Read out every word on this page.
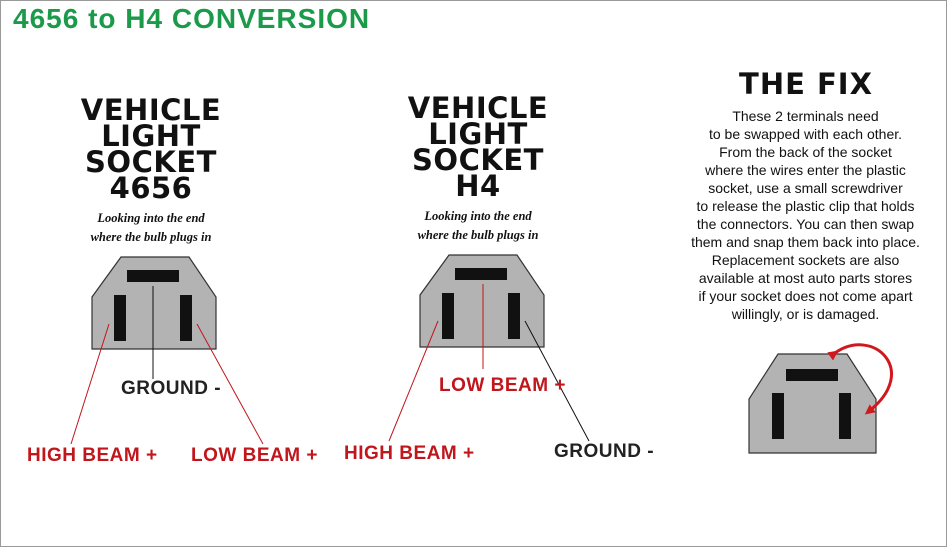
4656 to H4 CONVERSION
VEHICLE
LIGHT
SOCKET
4656
Looking into the end
where the bulb plugs in
VEHICLE
LIGHT
SOCKET
H4
Looking into the end
where the bulb plugs in
THE FIX
These 2 terminals need
to be swapped with each other.
From the back of the socket
where the wires enter the plastic
socket, use a small screwdriver
to release the plastic clip that holds
the connectors. You can then swap
them and snap them back into place.
Replacement sockets are also
available at most auto parts stores
if your socket does not come apart
willingly, or is damaged.
GROUND -
HIGH BEAM + LOW BEAM +
LOW BEAM +
HIGH BEAM +	GROUND -
